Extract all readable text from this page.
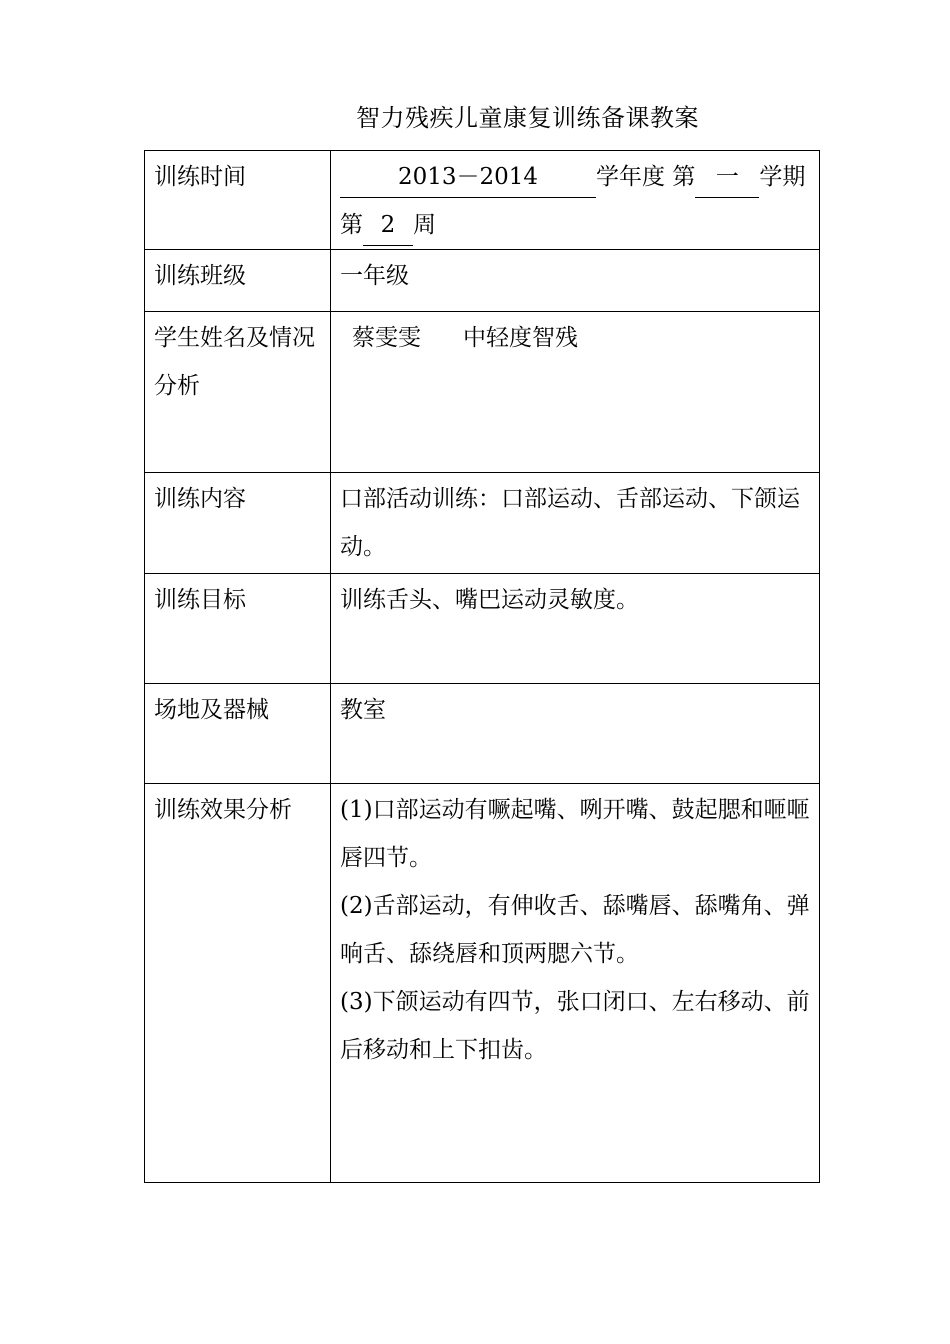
智力残疾儿童康复训练备课教案
训练时间	2013－2014 学年度 第 一 学期
第 2 周
训练班级	一年级
学生姓名及情况分析	蔡雯雯 中轻度智残
训练内容	口部活动训练：口部运动、舌部运动、下颌运动。
训练目标	训练舌头、嘴巴运动灵敏度。
场地及器械	教室
训练效果分析	(1)口部运动有噘起嘴、咧开嘴、鼓起腮和咂咂唇四节。

(2)舌部运动，有伸收舌、舔嘴唇、舔嘴角、弹响舌、舔绕唇和顶两腮六节。

(3)下颌运动有四节，张口闭口、左右移动、前后移动和上下扣齿。
